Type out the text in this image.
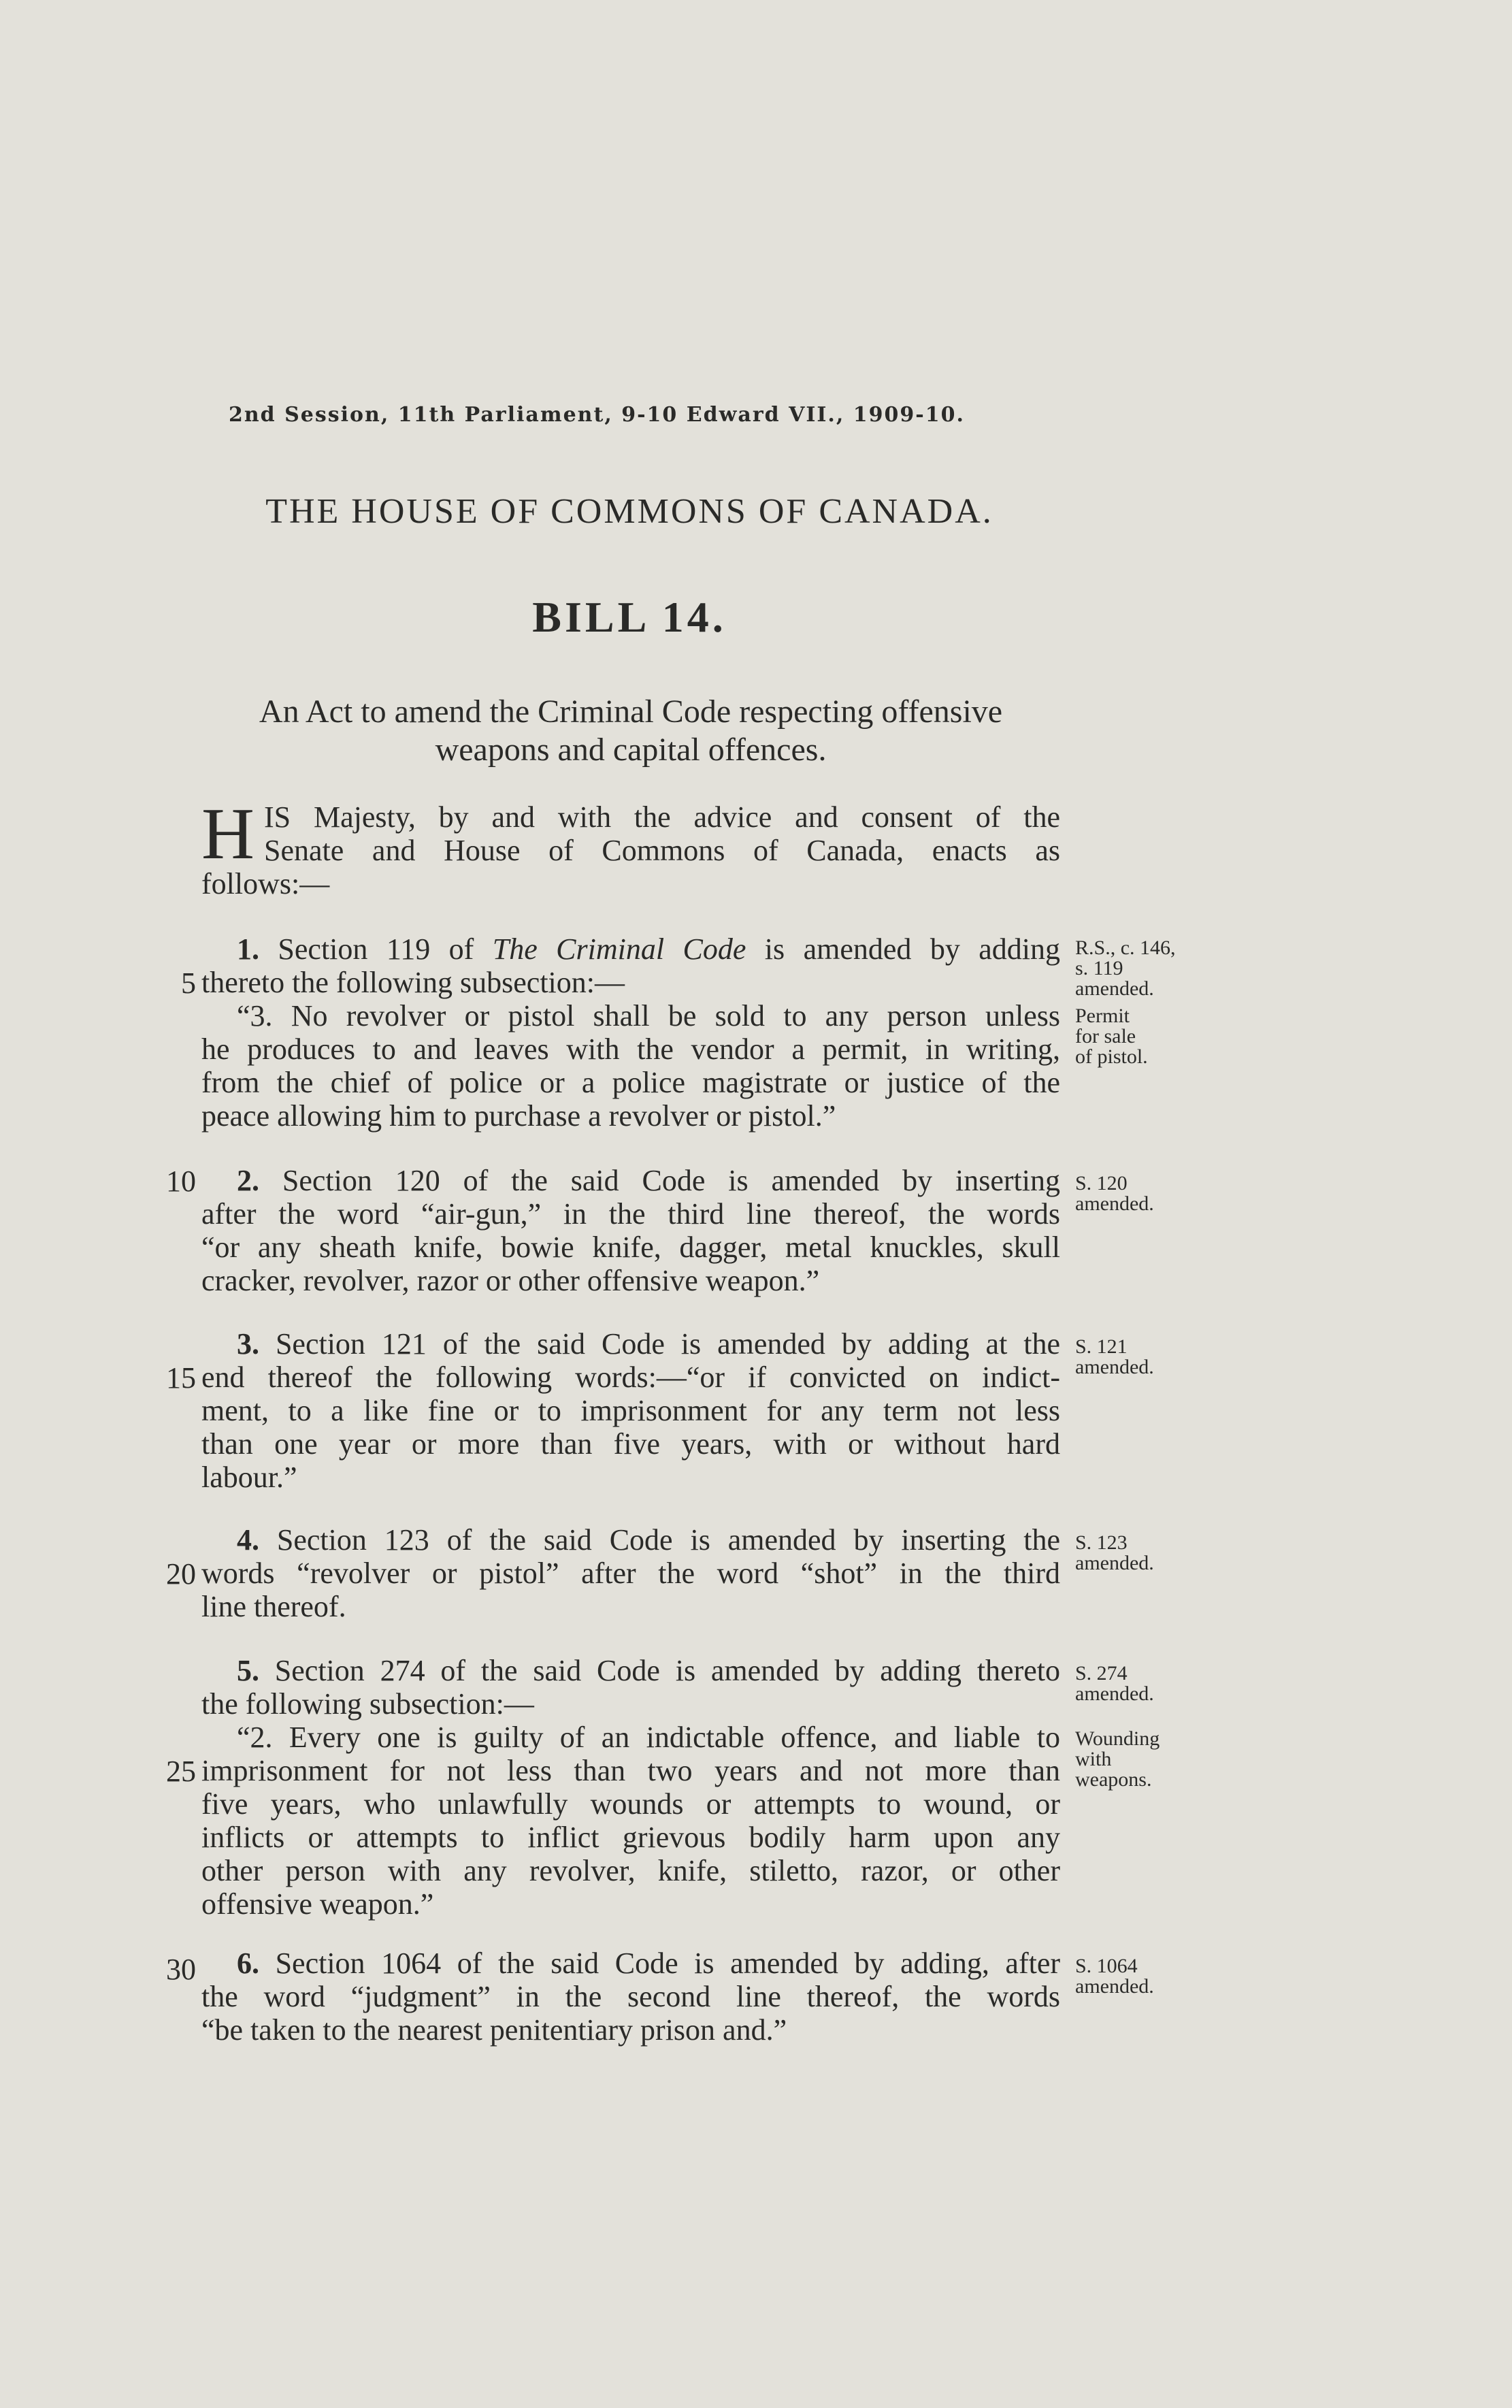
2nd Session, 11th Parliament, 9-10 Edward VII., 1909-10.
THE HOUSE OF COMMONS OF CANADA.
BILL 14.
An Act to amend the Criminal Code respecting offensive
weapons and capital offences.
H IS Majesty, by and with the advice and consent of the
Senate and House of Commons of Canada, enacts as
follows:—
1. Section 119 of The Criminal Code is amended by adding
thereto the following subsection:—
“3. No revolver or pistol shall be sold to any person unless
he produces to and leaves with the vendor a permit, in writing,
from the chief of police or a police magistrate or justice of the
peace allowing him to purchase a revolver or pistol.”
2. Section 120 of the said Code is amended by inserting
after the word “air-gun,” in the third line thereof, the words
“or any sheath knife, bowie knife, dagger, metal knuckles, skull
cracker, revolver, razor or other offensive weapon.”
3. Section 121 of the said Code is amended by adding at the
end thereof the following words:—“or if convicted on indict-
ment, to a like fine or to imprisonment for any term not less
than one year or more than five years, with or without hard
labour.”
4. Section 123 of the said Code is amended by inserting the
words “revolver or pistol” after the word “shot” in the third
line thereof.
5. Section 274 of the said Code is amended by adding thereto
the following subsection:—
“2. Every one is guilty of an indictable offence, and liable to
imprisonment for not less than two years and not more than
five years, who unlawfully wounds or attempts to wound, or
inflicts or attempts to inflict grievous bodily harm upon any
other person with any revolver, knife, stiletto, razor, or other
offensive weapon.”
6. Section 1064 of the said Code is amended by adding, after
the word “judgment” in the second line thereof, the words
“be taken to the nearest penitentiary prison and.”
5
10
15
20
25
30
R.S., c. 146,
s. 119
amended.
Permit
for sale
of pistol.
S. 120
amended.
S. 121
amended.
S. 123
amended.
S. 274
amended.
Wounding
with
weapons.
S. 1064
amended.
